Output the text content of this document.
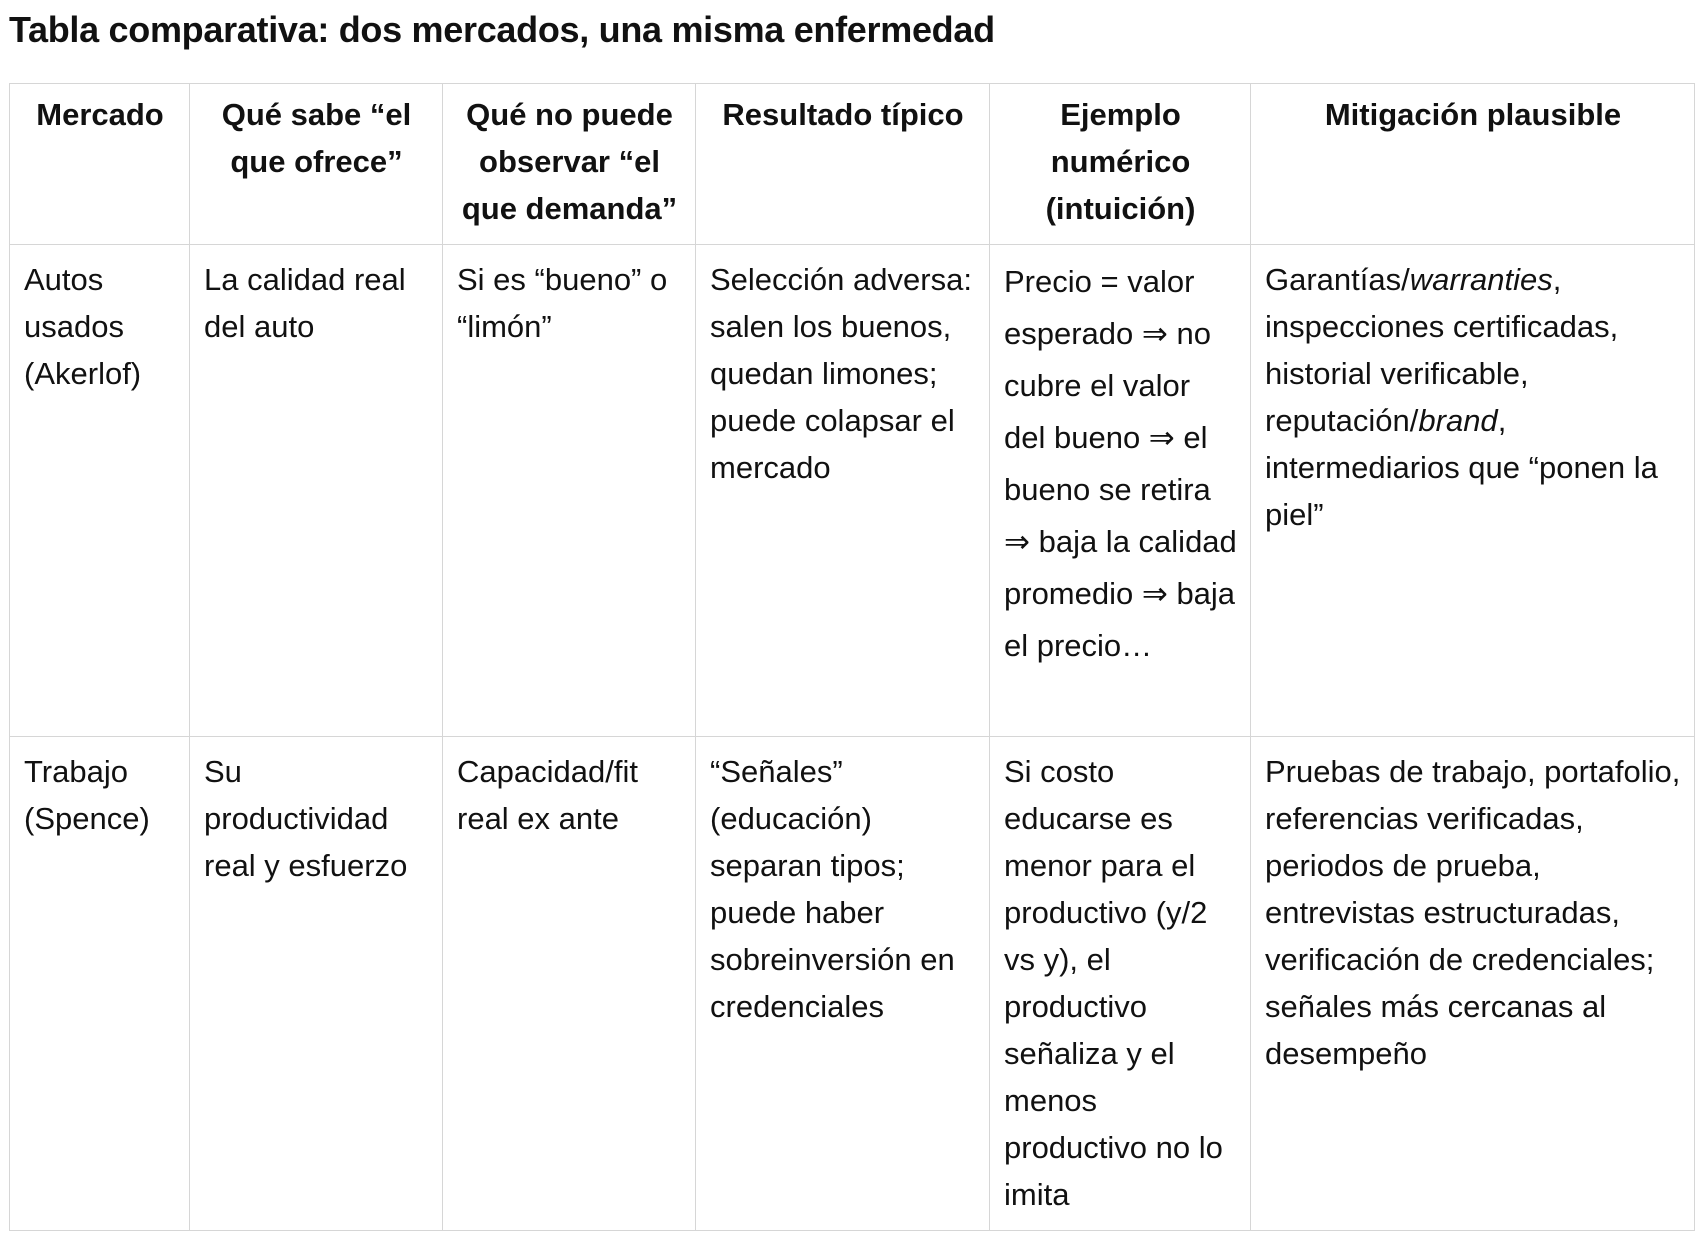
Tabla comparativa: dos mercados, una misma enfermedad
Mercado	Qué sabe “el que ofrece”	Qué no puede observar “el que demanda”	Resultado típico	Ejemplo numérico (intuición)	Mitigación plausible
Autos usados (Akerlof)	La calidad real del auto	Si es “bueno” o “limón”	Selección adversa: salen los buenos, quedan limones; puede colapsar el mercado	Precio = valor esperado ⇒ no cubre el valor del bueno ⇒ el bueno se retira ⇒ baja la calidad promedio ⇒ baja el precio…	Garantías/warranties, inspecciones certificadas, historial verificable, reputación/brand, intermediarios que “ponen la piel”
Trabajo (Spence)	Su productividad real y esfuerzo	Capacidad/fit real ex ante	“Señales” (educación) separan tipos; puede haber sobreinversión en credenciales	Si costo educarse es menor para el productivo (y/2 vs y), el productivo señaliza y el menos productivo no lo imita	Pruebas de trabajo, portafolio, referencias verificadas, periodos de prueba, entrevistas estructuradas, verificación de credenciales; señales más cercanas al desempeño
